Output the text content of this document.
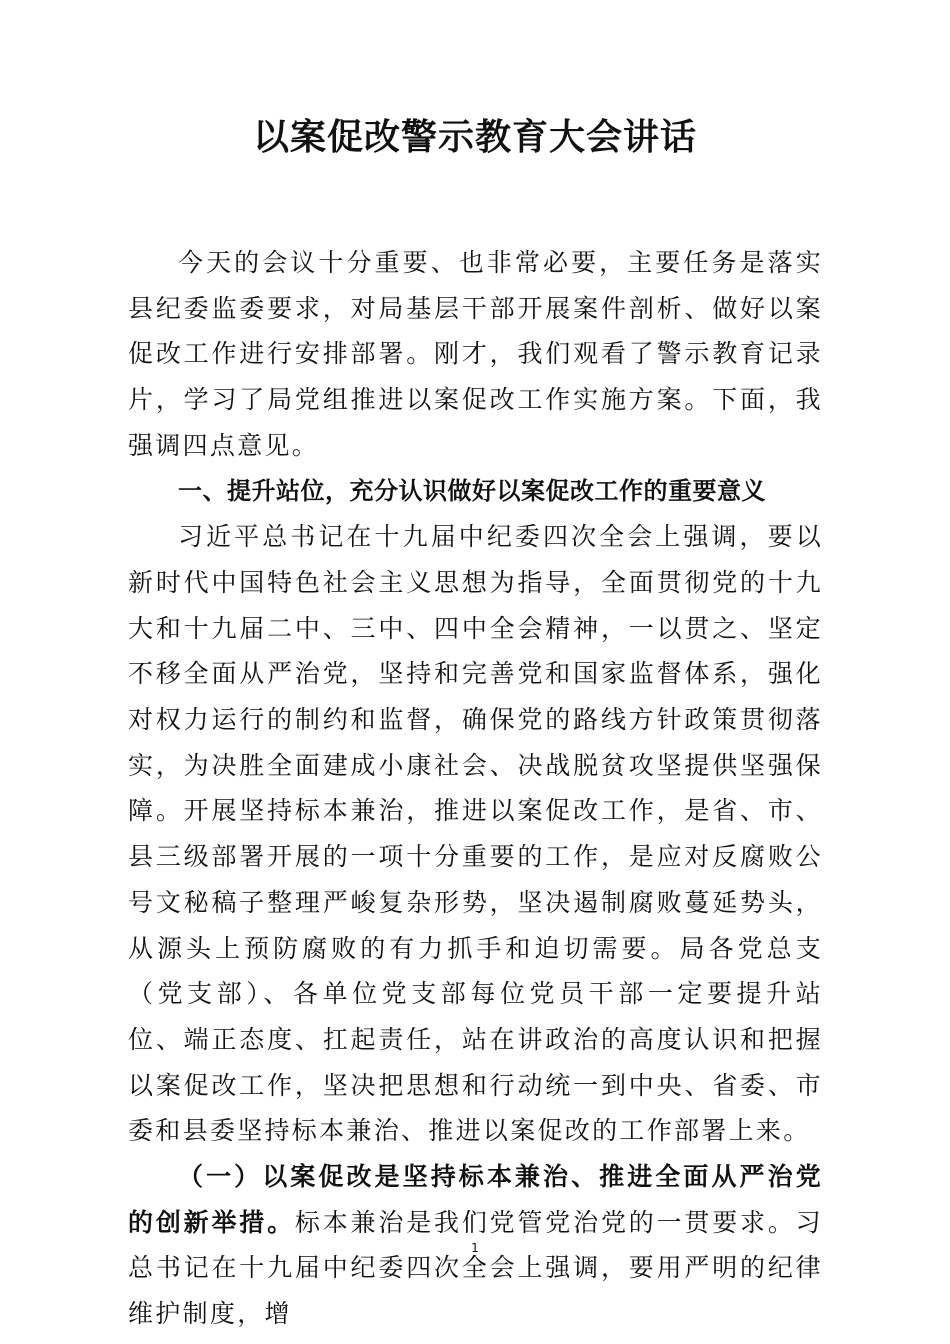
以案促改警示教育大会讲话

今天的会议十分重要、也非常必要，主要任务是落实县纪委监委要求，对局基层干部开展案件剖析、做好以案促改工作进行安排部署。刚才，我们观看了警示教育记录片，学习了局党组推进以案促改工作实施方案。下面，我强调四点意见。

一、提升站位，充分认识做好以案促改工作的重要意义

习近平总书记在十九届中纪委四次全会上强调，要以新时代中国特色社会主义思想为指导，全面贯彻党的十九大和十九届二中、三中、四中全会精神，一以贯之、坚定不移全面从严治党，坚持和完善党和国家监督体系，强化对权力运行的制约和监督，确保党的路线方针政策贯彻落实，为决胜全面建成小康社会、决战脱贫攻坚提供坚强保障。开展坚持标本兼治，推进以案促改工作，是省、市、县三级部署开展的一项十分重要的工作，是应对反腐败公号文秘稿子整理严峻复杂形势，坚决遏制腐败蔓延势头，从源头上预防腐败的有力抓手和迫切需要。局各党总支（党支部）、各单位党支部每位党员干部一定要提升站位、端正态度、扛起责任，站在讲政治的高度认识和把握以案促改工作，坚决把思想和行动统一到中央、省委、市委和县委坚持标本兼治、推进以案促改的工作部署上来。

（一）以案促改是坚持标本兼治、推进全面从严治党的创新举措。标本兼治是我们党管党治党的一贯要求。习总书记在十九届中纪委四次全会上强调，要用严明的纪律维护制度，增

1
